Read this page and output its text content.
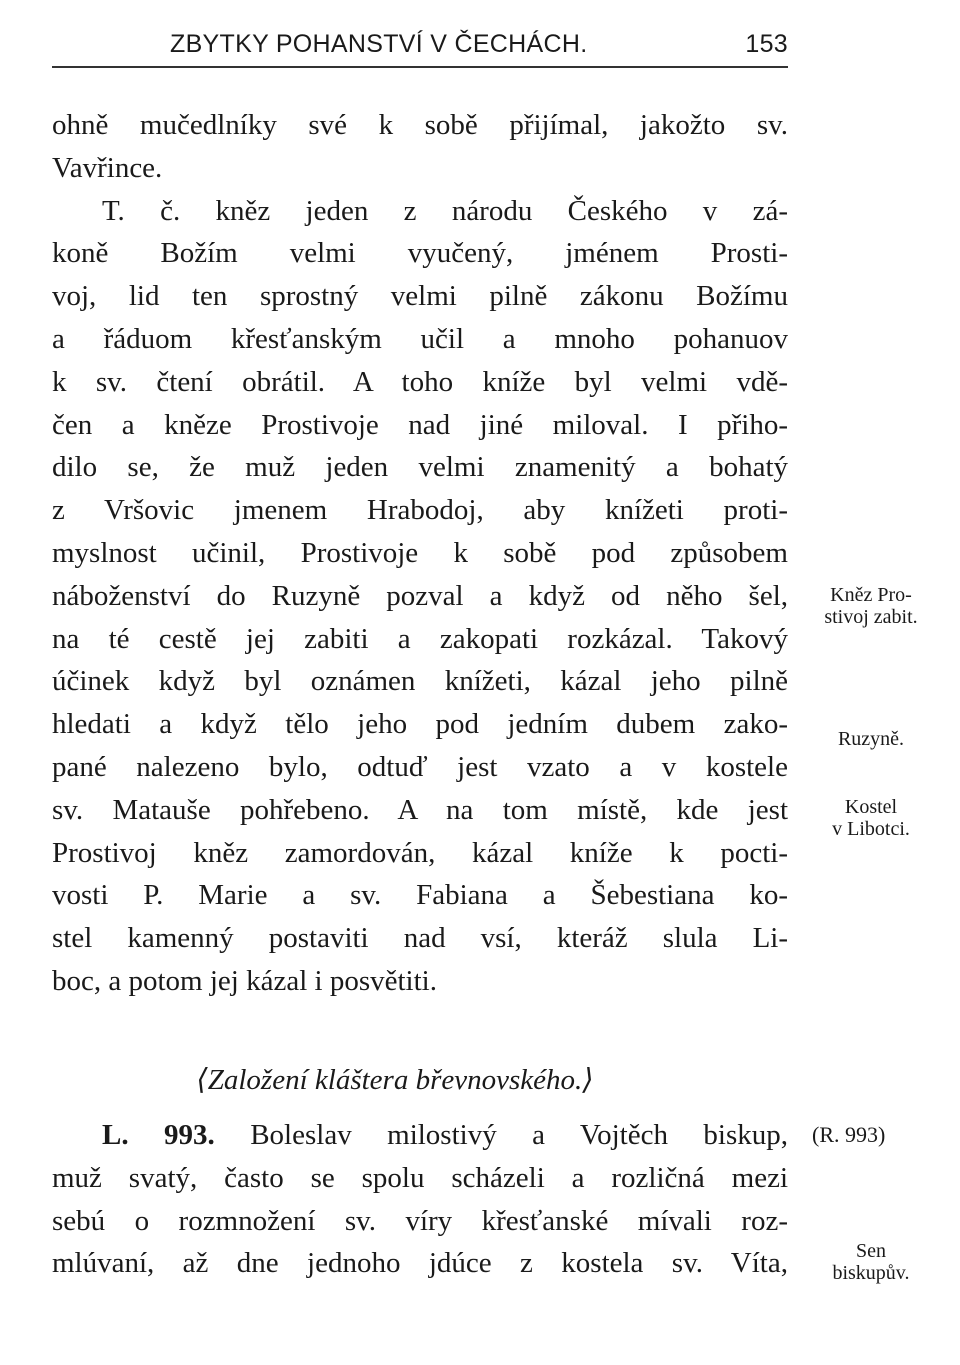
ZBYTKY POHANSTVÍ V ČECHÁCH.	153
ohně mučedlníky své k sobě přijímal, jakožto sv.
Vavřince.
T. č. kněz jeden z národu Českého v zá-
koně Božím velmi vyučený, jménem Prosti-
voj, lid ten sprostný velmi pilně zákonu Božímu
a řáduom křesťanským učil a mnoho pohanuov
k sv. čtení obrátil. A toho kníže byl velmi vdě-
čen a kněze Prostivoje nad jiné miloval. I přiho-
dilo se, že muž jeden velmi znamenitý a bohatý
z Vršovic jmenem Hrabodoj, aby knížeti proti-
myslnost učinil, Prostivoje k sobě pod způsobem
náboženství do Ruzyně pozval a když od něho šel,
na té cestě jej zabiti a zakopati rozkázal. Takový
účinek když byl oznámen knížeti, kázal jeho pilně
hledati a když tělo jeho pod jedním dubem zako-
pané nalezeno bylo, odtuď jest vzato a v kostele
sv. Matauše pohřebeno. A na tom místě, kde jest
Prostivoj kněz zamordován, kázal kníže k pocti-
vosti P. Marie a sv. Fabiana a Šebestiana ko-
stel kamenný postaviti nad vsí, kteráž slula Li-
boc, a potom jej kázal i posvětiti.
Kněz Pro-
stivoj zabit.
Ruzyně.
Kostel
v Libotci.
⟨Založení kláštera břevnovského.⟩
L. 993. Boleslav milostivý a Vojtěch biskup,
muž svatý, často se spolu scházeli a rozličná mezi
sebú o rozmnožení sv. víry křesťanské mívali roz-
mlúvaní, až dne jednoho jdúce z kostela sv. Víta,
(R. 993)
Sen
biskupův.
